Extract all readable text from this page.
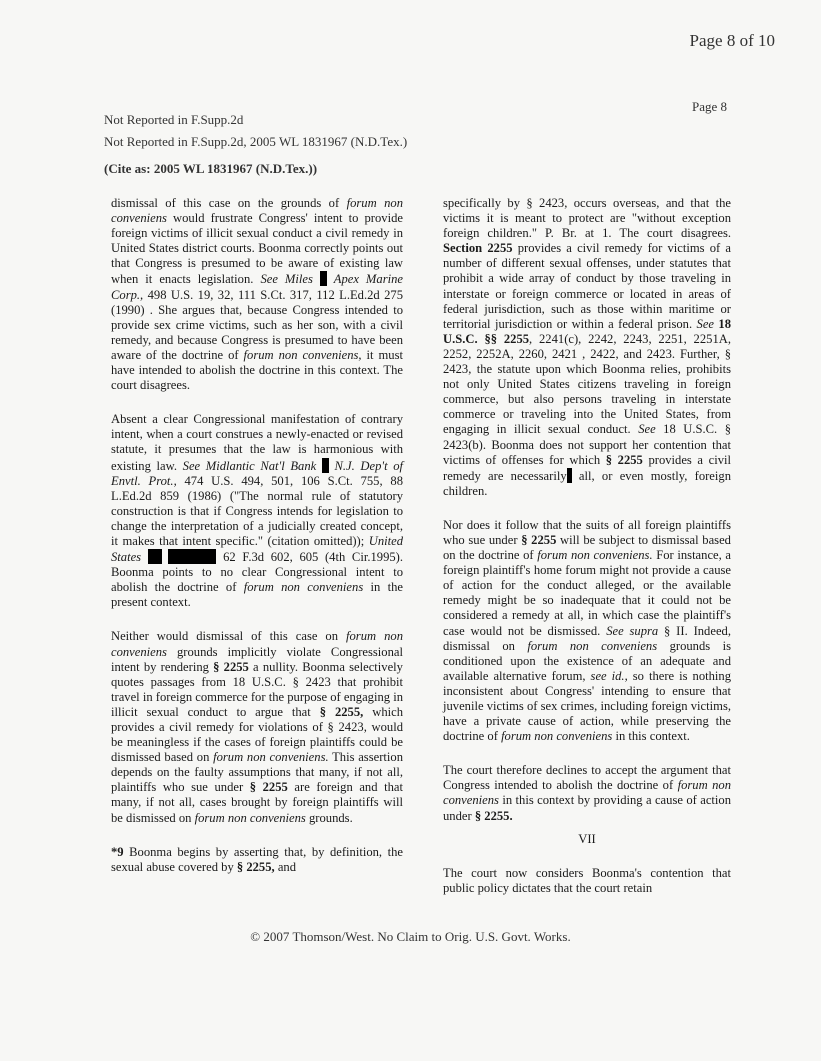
Page 8 of 10
Page 8
Not Reported in F.Supp.2d
Not Reported in F.Supp.2d, 2005 WL 1831967 (N.D.Tex.)
(Cite as: 2005 WL 1831967 (N.D.Tex.))

dismissal of this case on the grounds of forum non conveniens would frustrate Congress' intent to provide foreign victims of illicit sexual conduct a civil remedy in United States district courts. Boonma correctly points out that Congress is presumed to be aware of existing law when it enacts legislation. See Miles  Apex Marine Corp., 498 U.S. 19, 32, 111 S.Ct. 317, 112 L.Ed.2d 275 (1990) . She argues that, because Congress intended to provide sex crime victims, such as her son, with a civil remedy, and because Congress is presumed to have been aware of the doctrine of forum non conveniens, it must have intended to abolish the doctrine in this context. The court disagrees.

Absent a clear Congressional manifestation of contrary intent, when a court construes a newly-enacted or revised statute, it presumes that the law is harmonious with existing law. See Midlantic Nat'l Bank  N.J. Dep't of Envtl. Prot., 474 U.S. 494, 501, 106 S.Ct. 755, 88 L.Ed.2d 859 (1986) ("The normal rule of statutory construction is that if Congress intends for legislation to change the interpretation of a judicially created concept, it makes that intent specific." (citation omitted)); United States	62 F.3d 602, 605 (4th Cir.1995). Boonma points to no clear Congressional intent to abolish the doctrine of forum non conveniens in the present context.

Neither would dismissal of this case on forum non conveniens grounds implicitly violate Congressional intent by rendering § 2255 a nullity. Boonma selectively quotes passages from 18 U.S.C. § 2423 that prohibit travel in foreign commerce for the purpose of engaging in illicit sexual conduct to argue that § 2255, which provides a civil remedy for violations of § 2423, would be meaningless if the cases of foreign plaintiffs could be dismissed based on forum non conveniens. This assertion depends on the faulty assumptions that many, if not all, plaintiffs who sue under § 2255 are foreign and that many, if not all, cases brought by foreign plaintiffs will be dismissed on forum non conveniens grounds.

*9 Boonma begins by asserting that, by definition, the sexual abuse covered by § 2255, and

specifically by § 2423, occurs overseas, and that the victims it is meant to protect are "without exception foreign children." P. Br. at 1. The court disagrees. Section 2255 provides a civil remedy for victims of a number of different sexual offenses, under statutes that prohibit a wide array of conduct by those traveling in interstate or foreign commerce or located in areas of federal jurisdiction, such as those within maritime or territorial jurisdiction or within a federal prison. See 18 U.S.C. §§ 2255, 2241(c), 2242, 2243, 2251, 2251A, 2252, 2252A, 2260, 2421 , 2422, and 2423. Further, § 2423, the statute upon which Boonma relies, prohibits not only United States citizens traveling in foreign commerce, but also persons traveling in interstate commerce or traveling into the United States, from engaging in illicit sexual conduct. See 18 U.S.C. § 2423(b). Boonma does not support her contention that victims of offenses for which § 2255 provides a civil remedy are necessarily all, or even mostly, foreign children.

Nor does it follow that the suits of all foreign plaintiffs who sue under § 2255 will be subject to dismissal based on the doctrine of forum non conveniens. For instance, a foreign plaintiff's home forum might not provide a cause of action for the conduct alleged, or the available remedy might be so inadequate that it could not be considered a remedy at all, in which case the plaintiff's case would not be dismissed. See supra § II. Indeed, dismissal on forum non conveniens grounds is conditioned upon the existence of an adequate and available alternative forum, see id., so there is nothing inconsistent about Congress' intending to ensure that juvenile victims of sex crimes, including foreign victims, have a private cause of action, while preserving the doctrine of forum non conveniens in this context.

The court therefore declines to accept the argument that Congress intended to abolish the doctrine of forum non conveniens in this context by providing a cause of action under § 2255.

VII

The court now considers Boonma's contention that public policy dictates that the court retain

© 2007 Thomson/West. No Claim to Orig. U.S. Govt. Works.
